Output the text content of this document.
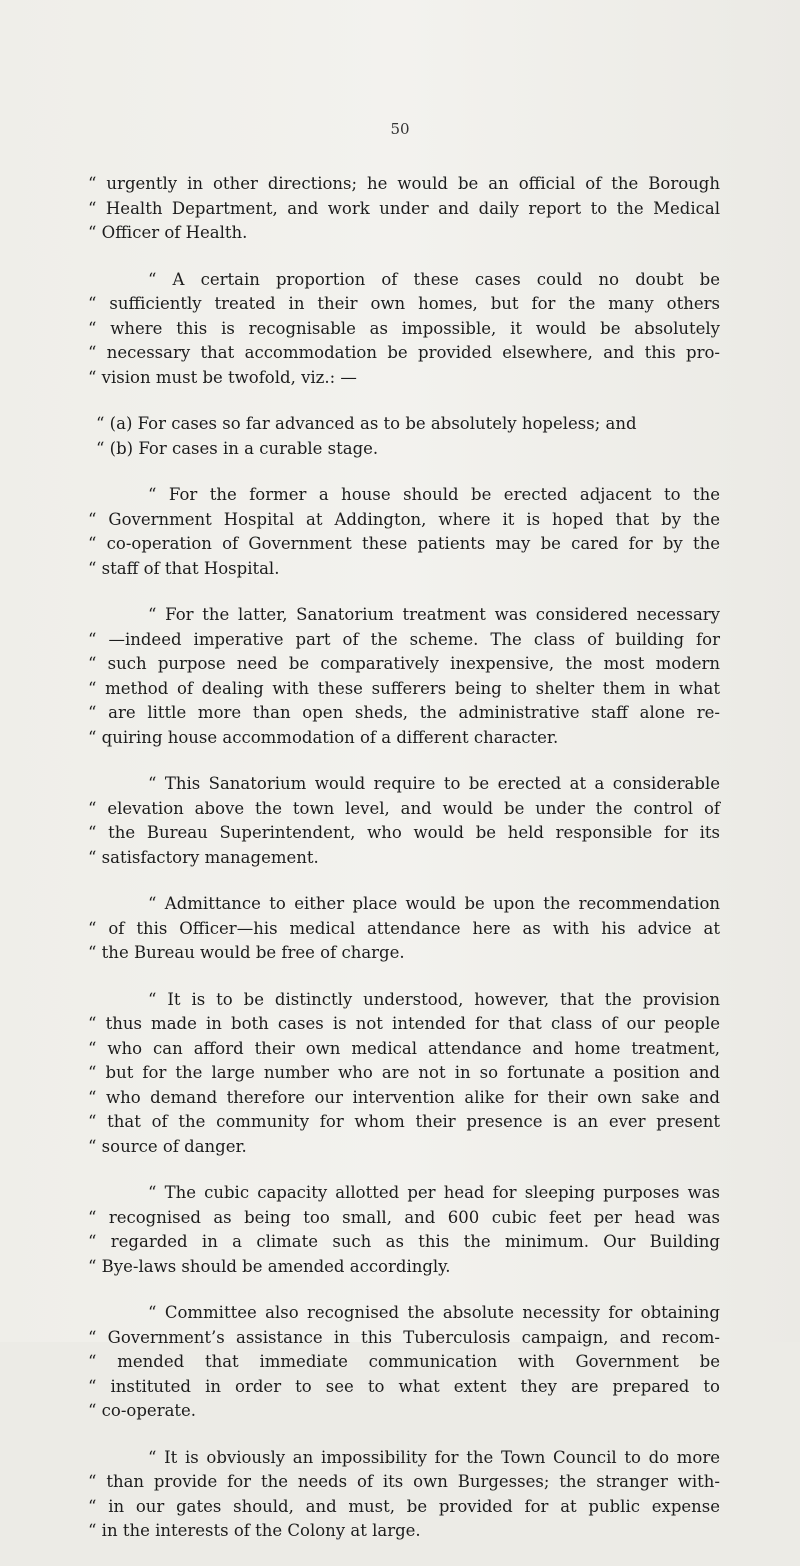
50
“ urgently in other directions; he would be an official of the Borough
“ Health Department, and work under and daily report to the Medical
“ Officer of Health.
“ A certain proportion of these cases could no doubt be
“ sufficiently treated in their own homes, but for the many others
“ where this is recognisable as impossible, it would be absolutely
“ necessary that accommodation be provided elsewhere, and this pro-
“ vision must be twofold, viz.: —
“ (a) For cases so far advanced as to be absolutely hopeless; and
“ (b) For cases in a curable stage.
“ For the former a house should be erected adjacent to the
“ Government Hospital at Addington, where it is hoped that by the
“ co-operation of Government these patients may be cared for by the
“ staff of that Hospital.
“ For the latter, Sanatorium treatment was considered necessary
“ —indeed imperative part of the scheme. The class of building for
“ such purpose need be comparatively inexpensive, the most modern
“ method of dealing with these sufferers being to shelter them in what
“ are little more than open sheds, the administrative staff alone re-
“ quiring house accommodation of a different character.
“ This Sanatorium would require to be erected at a considerable
“ elevation above the town level, and would be under the control of
“ the Bureau Superintendent, who would be held responsible for its
“ satisfactory management.
“ Admittance to either place would be upon the recommendation
“ of this Officer—his medical attendance here as with his advice at
“ the Bureau would be free of charge.
“ It is to be distinctly understood, however, that the provision
“ thus made in both cases is not intended for that class of our people
“ who can afford their own medical attendance and home treatment,
“ but for the large number who are not in so fortunate a position and
“ who demand therefore our intervention alike for their own sake and
“ that of the community for whom their presence is an ever present
“ source of danger.
“ The cubic capacity allotted per head for sleeping purposes was
“ recognised as being too small, and 600 cubic feet per head was
“ regarded in a climate such as this the minimum. Our Building
“ Bye-laws should be amended accordingly.
“ Committee also recognised the absolute necessity for obtaining
“ Government’s assistance in this Tuberculosis campaign, and recom-
“ mended that immediate communication with Government be
“ instituted in order to see to what extent they are prepared to
“ co-operate.
“ It is obviously an impossibility for the Town Council to do more
“ than provide for the needs of its own Burgesses; the stranger with-
“ in our gates should, and must, be provided for at public expense
“ in the interests of the Colony at large.
